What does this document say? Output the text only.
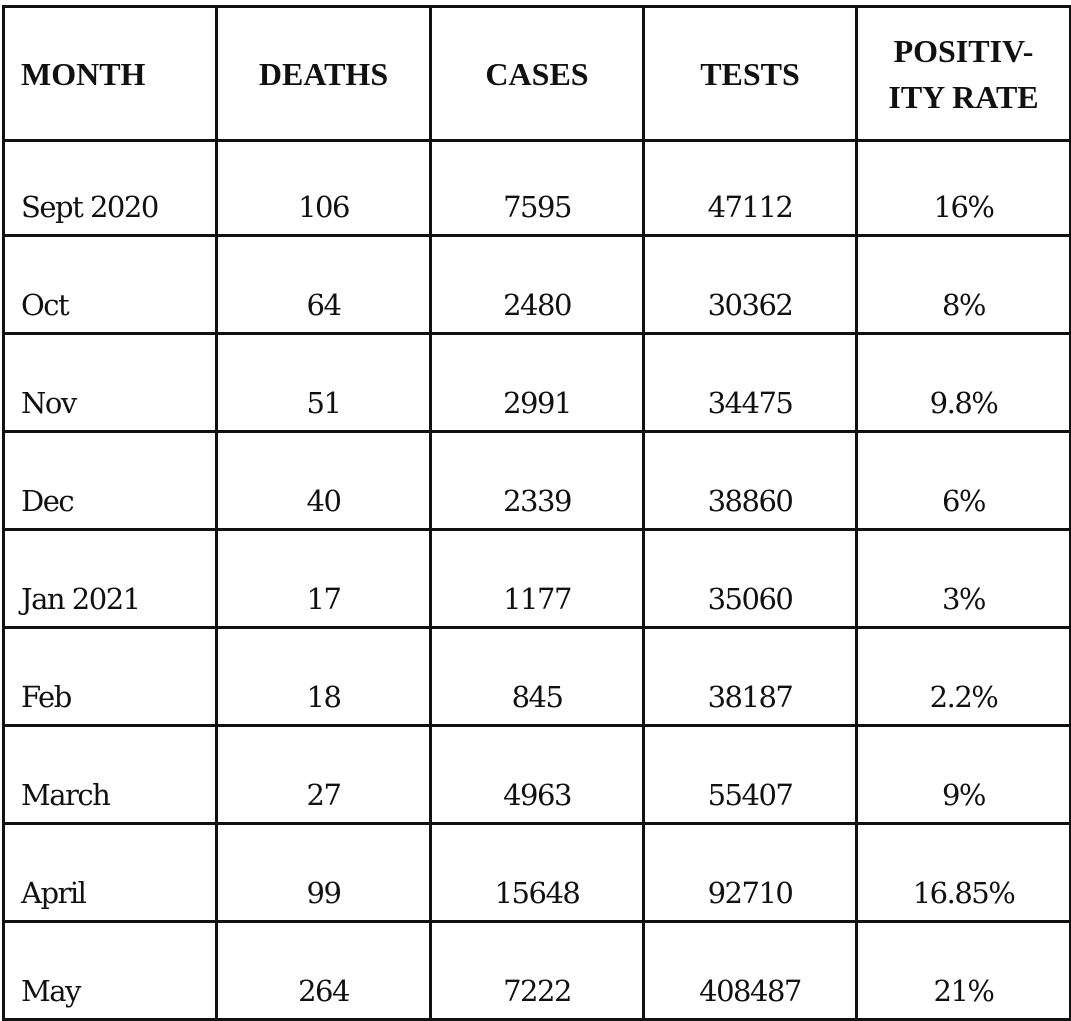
MONTH	DEATHS	CASES	TESTS	POSITIV-
ITY RATE
Sept 2020	106	7595	47112	16%
Oct	64	2480	30362	8%
Nov	51	2991	34475	9.8%
Dec	40	2339	38860	6%
Jan 2021	17	1177	35060	3%
Feb	18	845	38187	2.2%
March	27	4963	55407	9%
April	99	15648	92710	16.85%
May	264	7222	408487	21%
